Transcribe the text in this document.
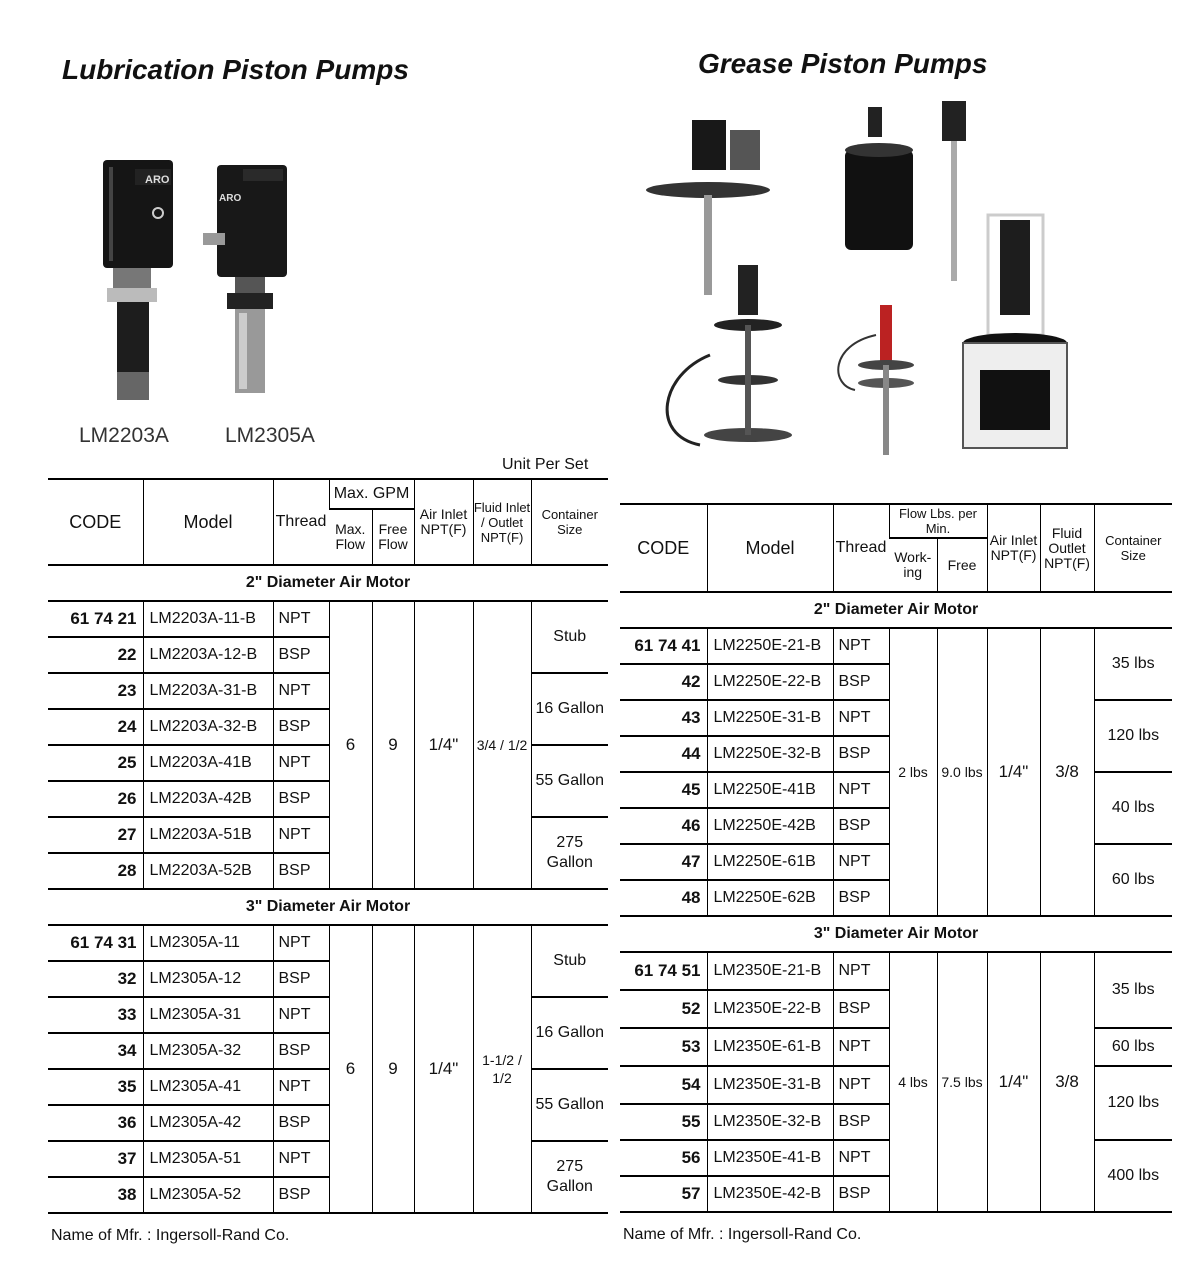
Lubrication Piston Pumps	Grease Piston Pumps
ARO
ARO
LM2203A	LM2305A
Unit Per Set
CODE	Model	Thread	Max. GPM		Air Inlet NPT(F)	Fluid Inlet / Outlet NPT(F)	Container Size
			Max. Flow	Free Flow			
2" Diameter Air Motor							
61 74 21	LM2203A-11-B	NPT	6	9	1/4"	3/4 / 1/2	Stub
22	LM2203A-12-B	BSP					
23	LM2203A-31-B	NPT					16 Gallon
24	LM2203A-32-B	BSP					
25	LM2203A-41B	NPT					55 Gallon
26	LM2203A-42B	BSP					
27	LM2203A-51B	NPT					275 Gallon
28	LM2203A-52B	BSP					
3" Diameter Air Motor							
61 74 31	LM2305A-11	NPT	6	9	1/4"	1-1/2 / 1/2	Stub
32	LM2305A-12	BSP					
33	LM2305A-31	NPT					16 Gallon
34	LM2305A-32	BSP					
35	LM2305A-41	NPT					55 Gallon
36	LM2305A-42	BSP					
37	LM2305A-51	NPT					275 Gallon
38	LM2305A-52	BSP					
Name of Mfr. : Ingersoll-Rand Co.
CODE	Model	Thread	Flow Lbs. per Min.		Air Inlet NPT(F)	Fluid Outlet NPT(F)	Container Size
			Work- ing	Free			
2" Diameter Air Motor							
61 74 41	LM2250E-21-B	NPT	2 lbs	9.0 lbs	1/4"	3/8	35 lbs
42	LM2250E-22-B	BSP					
43	LM2250E-31-B	NPT					120 lbs
44	LM2250E-32-B	BSP					
45	LM2250E-41B	NPT					40 lbs
46	LM2250E-42B	BSP					
47	LM2250E-61B	NPT					60 lbs
48	LM2250E-62B	BSP					
3" Diameter Air Motor							
61 74 51	LM2350E-21-B	NPT	4 lbs	7.5 lbs	1/4"	3/8	35 lbs
52	LM2350E-22-B	BSP					
53	LM2350E-61-B	NPT					60 lbs
54	LM2350E-31-B	NPT					120 lbs
55	LM2350E-32-B	BSP					
56	LM2350E-41-B	NPT					400 lbs
57	LM2350E-42-B	BSP					
Name of Mfr. : Ingersoll-Rand Co.
